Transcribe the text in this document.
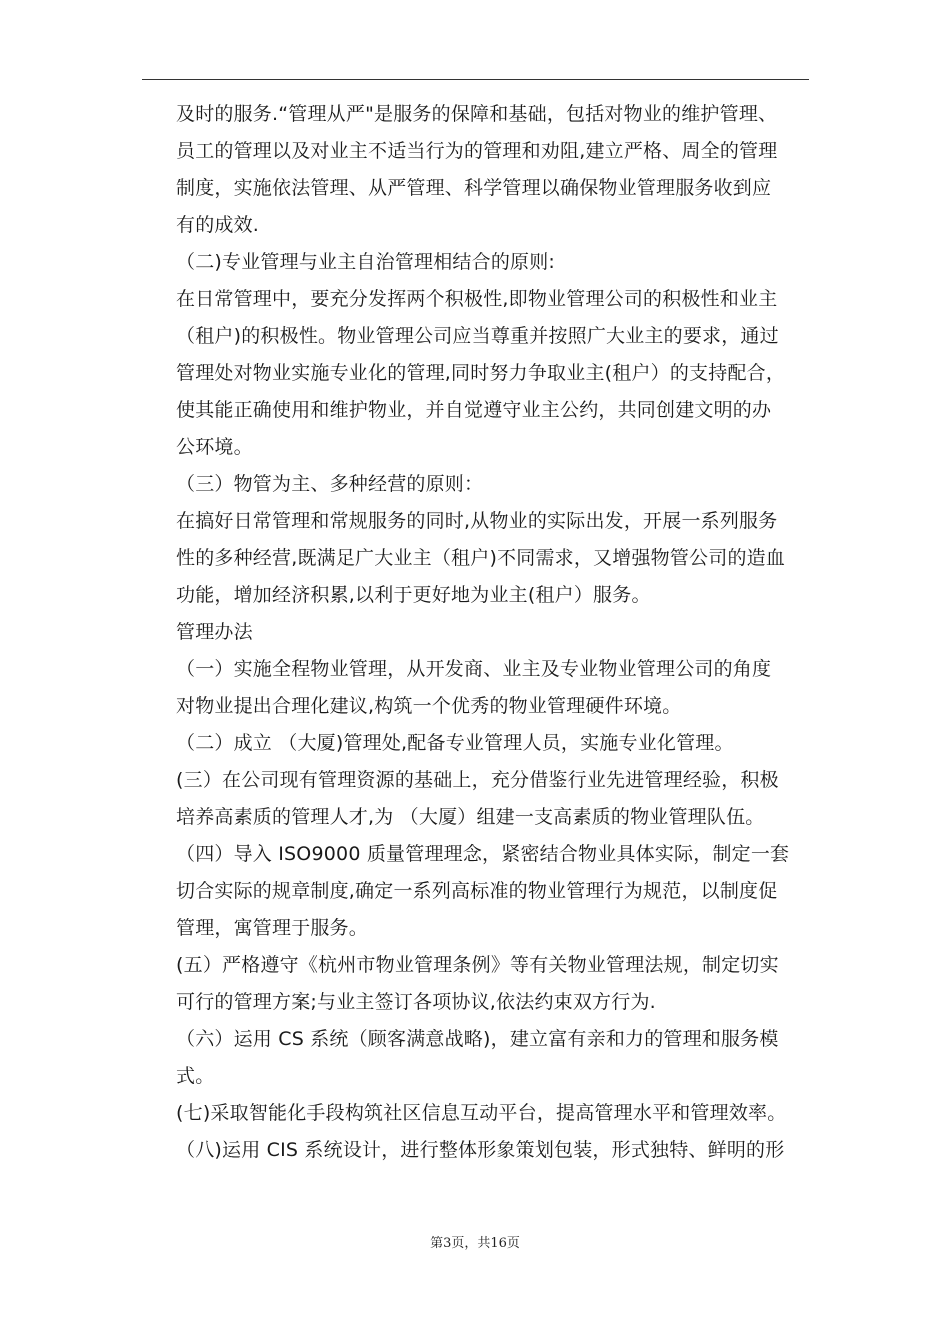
及时的服务.“管理从严"是服务的保障和基础，包括对物业的维护管理、
员工的管理以及对业主不适当行为的管理和劝阻,建立严格、周全的管理
制度，实施依法管理、从严管理、科学管理以确保物业管理服务收到应
有的成效.
（二)专业管理与业主自治管理相结合的原则:
在日常管理中，要充分发挥两个积极性,即物业管理公司的积极性和业主
（租户)的积极性。物业管理公司应当尊重并按照广大业主的要求，通过
管理处对物业实施专业化的管理,同时努力争取业主(租户）的支持配合，
使其能正确使用和维护物业，并自觉遵守业主公约，共同创建文明的办
公环境。
（三）物管为主、多种经营的原则：
在搞好日常管理和常规服务的同时,从物业的实际出发，开展一系列服务
性的多种经营,既满足广大业主（租户)不同需求，又增强物管公司的造血
功能，增加经济积累,以利于更好地为业主(租户）服务。
管理办法
（一）实施全程物业管理，从开发商、业主及专业物业管理公司的角度
对物业提出合理化建议,构筑一个优秀的物业管理硬件环境。
（二）成立 （大厦)管理处,配备专业管理人员，实施专业化管理。
(三）在公司现有管理资源的基础上，充分借鉴行业先进管理经验，积极
培养高素质的管理人才,为 （大厦）组建一支高素质的物业管理队伍。
（四）导入 ISO9000 质量管理理念，紧密结合物业具体实际，制定一套
切合实际的规章制度,确定一系列高标准的物业管理行为规范，以制度促
管理，寓管理于服务。
(五）严格遵守《杭州市物业管理条例》等有关物业管理法规，制定切实
可行的管理方案;与业主签订各项协议,依法约束双方行为.
（六）运用 CS 系统（顾客满意战略)，建立富有亲和力的管理和服务模
式。
(七)采取智能化手段构筑社区信息互动平台，提高管理水平和管理效率。
（八)运用 CIS 系统设计，进行整体形象策划包装，形式独特、鲜明的形
第3页，共16页
